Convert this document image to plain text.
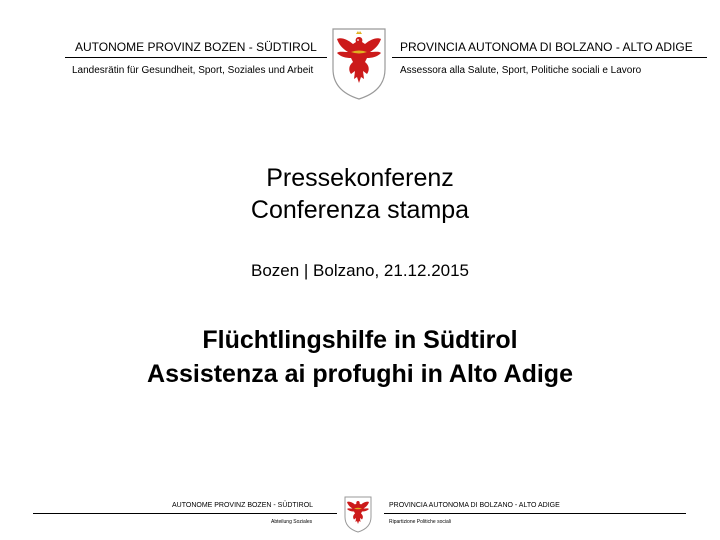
AUTONOME PROVINZ BOZEN - SÜDTIROL	PROVINCIA AUTONOMA DI BOLZANO - ALTO ADIGE
Landesrätin für Gesundheit, Sport, Soziales und Arbeit	Assessora alla Salute, Sport, Politiche sociali e Lavoro
Pressekonferenz
Conferenza stampa
Bozen | Bolzano, 21.12.2015
Flüchtlingshilfe in Südtirol
Assistenza ai profughi in Alto Adige
AUTONOME PROVINZ BOZEN - SÜDTIROL	PROVINCIA AUTONOMA DI BOLZANO - ALTO ADIGE
Abteilung Soziales	Ripartizione Politiche sociali
